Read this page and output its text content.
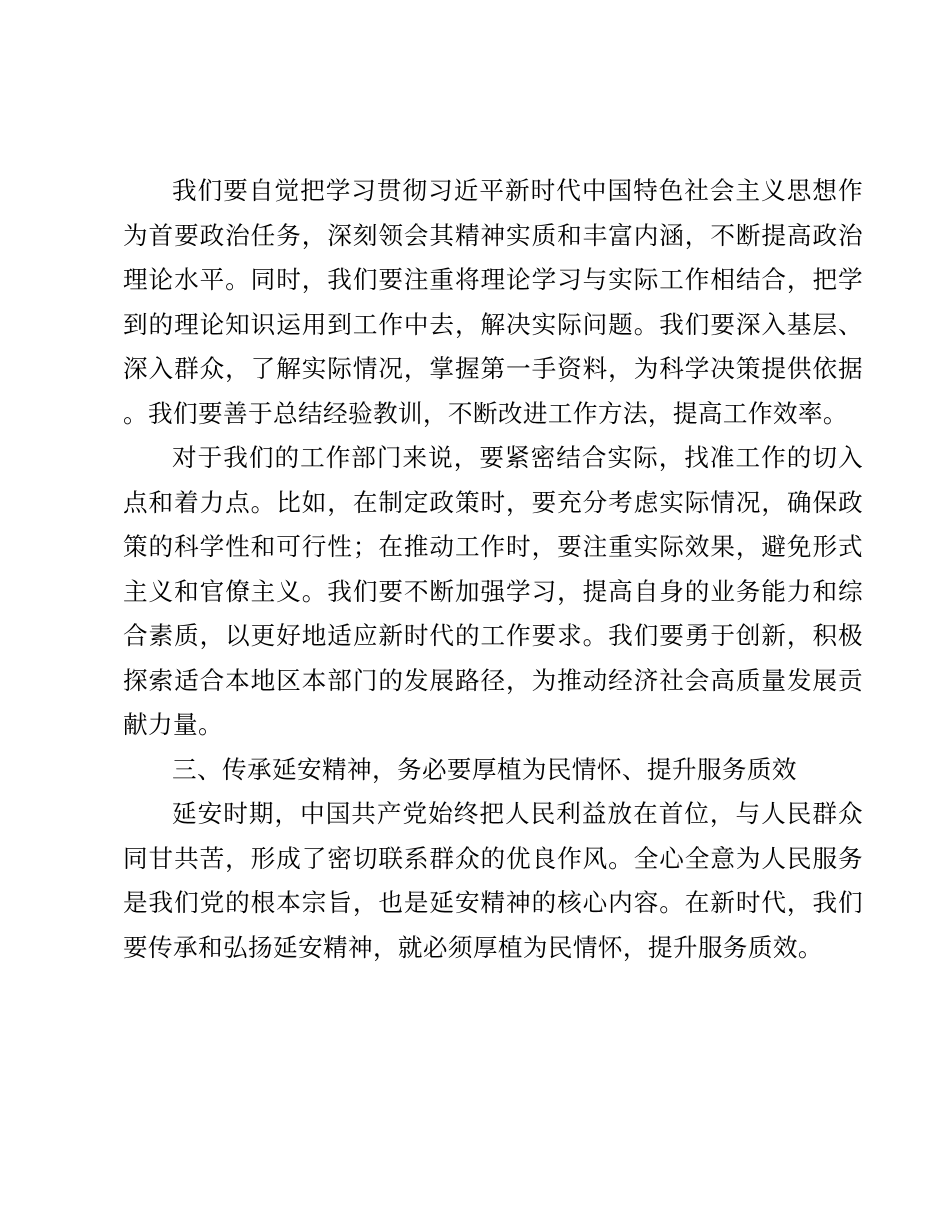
我们要自觉把学习贯彻习近平新时代中国特色社会主义思想作为首要政治任务，深刻领会其精神实质和丰富内涵，不断提高政治理论水平。同时，我们要注重将理论学习与实际工作相结合，把学到的理论知识运用到工作中去，解决实际问题。我们要深入基层、深入群众，了解实际情况，掌握第一手资料，为科学决策提供依据。我们要善于总结经验教训，不断改进工作方法，提高工作效率。

对于我们的工作部门来说，要紧密结合实际，找准工作的切入点和着力点。比如，在制定政策时，要充分考虑实际情况，确保政策的科学性和可行性；在推动工作时，要注重实际效果，避免形式主义和官僚主义。我们要不断加强学习，提高自身的业务能力和综合素质，以更好地适应新时代的工作要求。我们要勇于创新，积极探索适合本地区本部门的发展路径，为推动经济社会高质量发展贡献力量。

三、传承延安精神，务必要厚植为民情怀、提升服务质效

延安时期，中国共产党始终把人民利益放在首位，与人民群众同甘共苦，形成了密切联系群众的优良作风。全心全意为人民服务是我们党的根本宗旨，也是延安精神的核心内容。在新时代，我们要传承和弘扬延安精神，就必须厚植为民情怀，提升服务质效。
